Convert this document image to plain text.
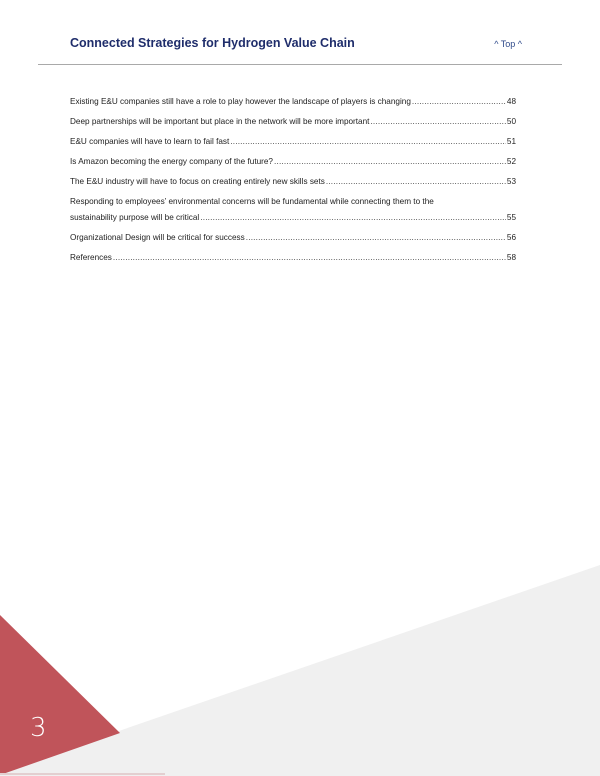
Connected Strategies for Hydrogen Value Chain	^ Top ^
Existing E&U companies still have a role to play however the landscape of players is changing .....	48
Deep partnerships will be important but place in the network will be more important .....	50
E&U companies will have to learn to fail fast .....	51
Is Amazon becoming the energy company of the future? .....	52
The E&U industry will have to focus on creating entirely new skills sets .....	53
Responding to employees’ environmental concerns will be fundamental while connecting them to the
sustainability purpose will be critical .....	55
Organizational Design will be critical for success .....	56
References .....	58
3
